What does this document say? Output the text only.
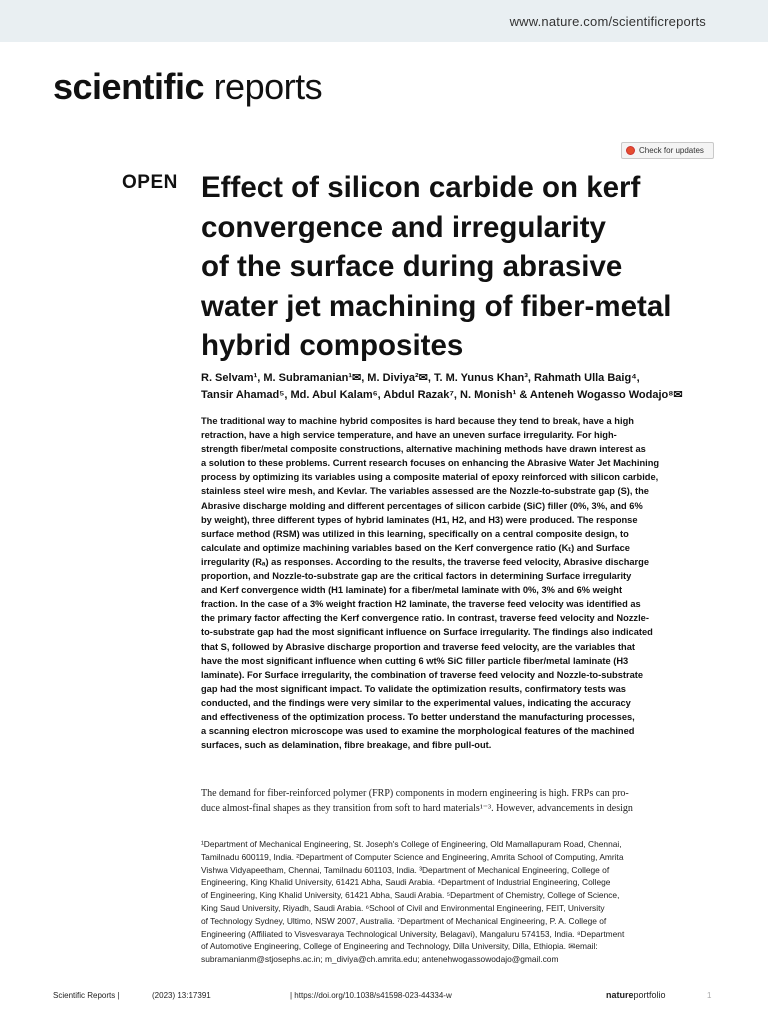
www.nature.com/scientificreports
scientific reports
Check for updates
OPEN Effect of silicon carbide on kerf
convergence and irregularity
of the surface during abrasive
water jet machining of fiber-metal
hybrid composites
R. Selvam¹, M. Subramanian¹✉, M. Diviya²✉, T. M. Yunus Khan³, Rahmath Ulla Baig⁴,
Tansir Ahamad⁵, Md. Abul Kalam⁶, Abdul Razak⁷, N. Monish¹ & Anteneh Wogasso Wodajo⁸✉
The traditional way to machine hybrid composites is hard because they tend to break, have a high
retraction, have a high service temperature, and have an uneven surface irregularity. For high-
strength fiber/metal composite constructions, alternative machining methods have drawn interest as
a solution to these problems. Current research focuses on enhancing the Abrasive Water Jet Machining
process by optimizing its variables using a composite material of epoxy reinforced with silicon carbide,
stainless steel wire mesh, and Kevlar. The variables assessed are the Nozzle-to-substrate gap (S), the
Abrasive discharge molding and different percentages of silicon carbide (SiC) filler (0%, 3%, and 6%
by weight), three different types of hybrid laminates (H1, H2, and H3) were produced. The response
surface method (RSM) was utilized in this learning, specifically on a central composite design, to
calculate and optimize machining variables based on the Kerf convergence ratio (Kₜ) and Surface
irregularity (Rₐ) as responses. According to the results, the traverse feed velocity, Abrasive discharge
proportion, and Nozzle-to-substrate gap are the critical factors in determining Surface irregularity
and Kerf convergence width (H1 laminate) for a fiber/metal laminate with 0%, 3% and 6% weight
fraction. In the case of a 3% weight fraction H2 laminate, the traverse feed velocity was identified as
the primary factor affecting the Kerf convergence ratio. In contrast, traverse feed velocity and Nozzle-
to-substrate gap had the most significant influence on Surface irregularity. The findings also indicated
that S, followed by Abrasive discharge proportion and traverse feed velocity, are the variables that
have the most significant influence when cutting 6 wt% SiC filler particle fiber/metal laminate (H3
laminate). For Surface irregularity, the combination of traverse feed velocity and Nozzle-to-substrate
gap had the most significant impact. To validate the optimization results, confirmatory tests was
conducted, and the findings were very similar to the experimental values, indicating the accuracy
and effectiveness of the optimization process. To better understand the manufacturing processes,
a scanning electron microscope was used to examine the morphological features of the machined
surfaces, such as delamination, fibre breakage, and fibre pull-out.
The demand for fiber-reinforced polymer (FRP) components in modern engineering is high. FRPs can pro-
duce almost-final shapes as they transition from soft to hard materials¹⁻³. However, advancements in design
¹Department of Mechanical Engineering, St. Joseph's College of Engineering, Old Mamallapuram Road, Chennai,
Tamilnadu 600119, India. ²Department of Computer Science and Engineering, Amrita School of Computing, Amrita
Vishwa Vidyapeetham, Chennai, Tamilnadu 601103, India. ³Department of Mechanical Engineering, College of
Engineering, King Khalid University, 61421 Abha, Saudi Arabia. ⁴Department of Industrial Engineering, College
of Engineering, King Khalid University, 61421 Abha, Saudi Arabia. ⁵Department of Chemistry, College of Science,
King Saud University, Riyadh, Saudi Arabia. ⁶School of Civil and Environmental Engineering, FEIT, University
of Technology Sydney, Ultimo, NSW 2007, Australia. ⁷Department of Mechanical Engineering, P. A. College of
Engineering (Affiliated to Visvesvaraya Technological University, Belagavi), Mangaluru 574153, India. ⁸Department
of Automotive Engineering, College of Engineering and Technology, Dilla University, Dilla, Ethiopia. ✉email:
subramanianm@stjosephs.ac.in; m_diviya@ch.amrita.edu; antenehwogassowodajo@gmail.com
Scientific Reports |	(2023) 13:17391	| https://doi.org/10.1038/s41598-023-44334-w	natureportfolio	1
